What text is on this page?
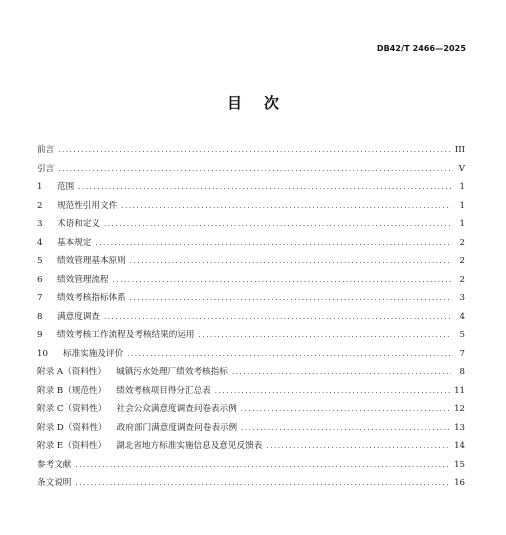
DB42/T 2466—2025
目 次
前言 .....	III
引言 .....	V
1	范围 .....	1
2	规范性引用文件 .....	1
3	术语和定义 .....	1
4	基本规定 .....	2
5	绩效管理基本原则 .....	2
6	绩效管理流程 .....	2
7	绩效考核指标体系 .....	3
8	满意度调查 .....	4
9	绩效考核工作流程及考核结果的运用 .....	5
10	标准实施及评价 .....	7
附录 A（资料性） 城镇污水处理厂绩效考核指标 .....	8
附录 B（规范性） 绩效考核项目得分汇总表 .....	11
附录 C（资料性） 社会公众满意度调查问卷表示例 .....	12
附录 D（资料性） 政府部门满意度调查问卷表示例 .....	13
附录 E（资料性） 湖北省地方标准实施信息及意见反馈表 .....	14
参考文献 .....	15
条文说明 .....	16
